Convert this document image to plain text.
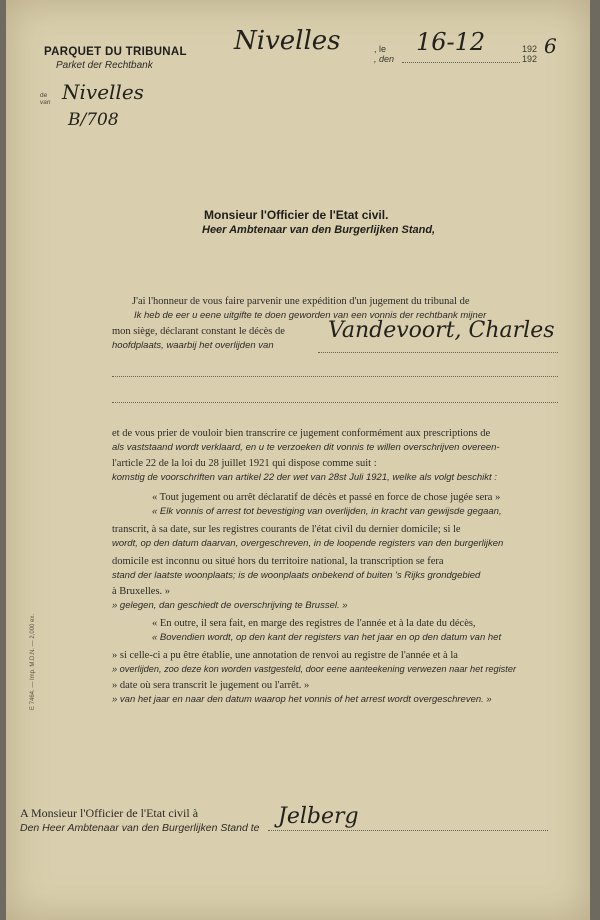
PARQUET DU TRIBUNAL
Parket der Rechtbank
de
van Nivelles
B/708
Nivelles	, le
, den
16-12	192
192
6
Monsieur l'Officier de l'Etat civil.
Heer Ambtenaar van den Burgerlijken Stand,
J'ai l'honneur de vous faire parvenir une expédition d'un jugement du tribunal de
Ik heb de eer u eene uitgifte te doen geworden van een vonnis der rechtbank mijner
mon siège, déclarant constant le décès de
hoofdplaats, waarbij het overlijden van
Vandevoort, Charles
et de vous prier de vouloir bien transcrire ce jugement conformément aux prescriptions de
als vaststaand wordt verklaard, en u te verzoeken dit vonnis te willen overschrijven overeen-
l'article 22 de la loi du 28 juillet 1921 qui dispose comme suit :
komstig de voorschriften van artikel 22 der wet van 28st Juli 1921, welke als volgt beschikt :
« Tout jugement ou arrêt déclaratif de décès et passé en force de chose jugée sera »
« Elk vonnis of arrest tot bevestiging van overlijden, in kracht van gewijsde gegaan,
transcrit, à sa date, sur les registres courants de l'état civil du dernier domicile; si le
wordt, op den datum daarvan, overgeschreven, in de loopende registers van den burgerlijken
domicile est inconnu ou situé hors du territoire national, la transcription se fera
stand der laatste woonplaats; is de woonplaats onbekend of buiten 's Rijks grondgebied
à Bruxelles. »
» gelegen, dan geschiedt de overschrijving te Brussel. »
« En outre, il sera fait, en marge des registres de l'année et à la date du décès,
« Bovendien wordt, op den kant der registers van het jaar en op den datum van het
» si celle-ci a pu être établie, une annotation de renvoi au registre de l'année et à la
» overlijden, zoo deze kon worden vastgesteld, door eene aanteekening verwezen naar het register
» date où sera transcrit le jugement ou l'arrêt. »
» van het jaar en naar den datum waarop het vonnis of het arrest wordt overgeschreven. »
A Monsieur l'Officier de l'Etat civil à
Den Heer Ambtenaar van den Burgerlijken Stand te Jelberg
E 7464. — Imp. M.D.N. — 2,000 ex.
